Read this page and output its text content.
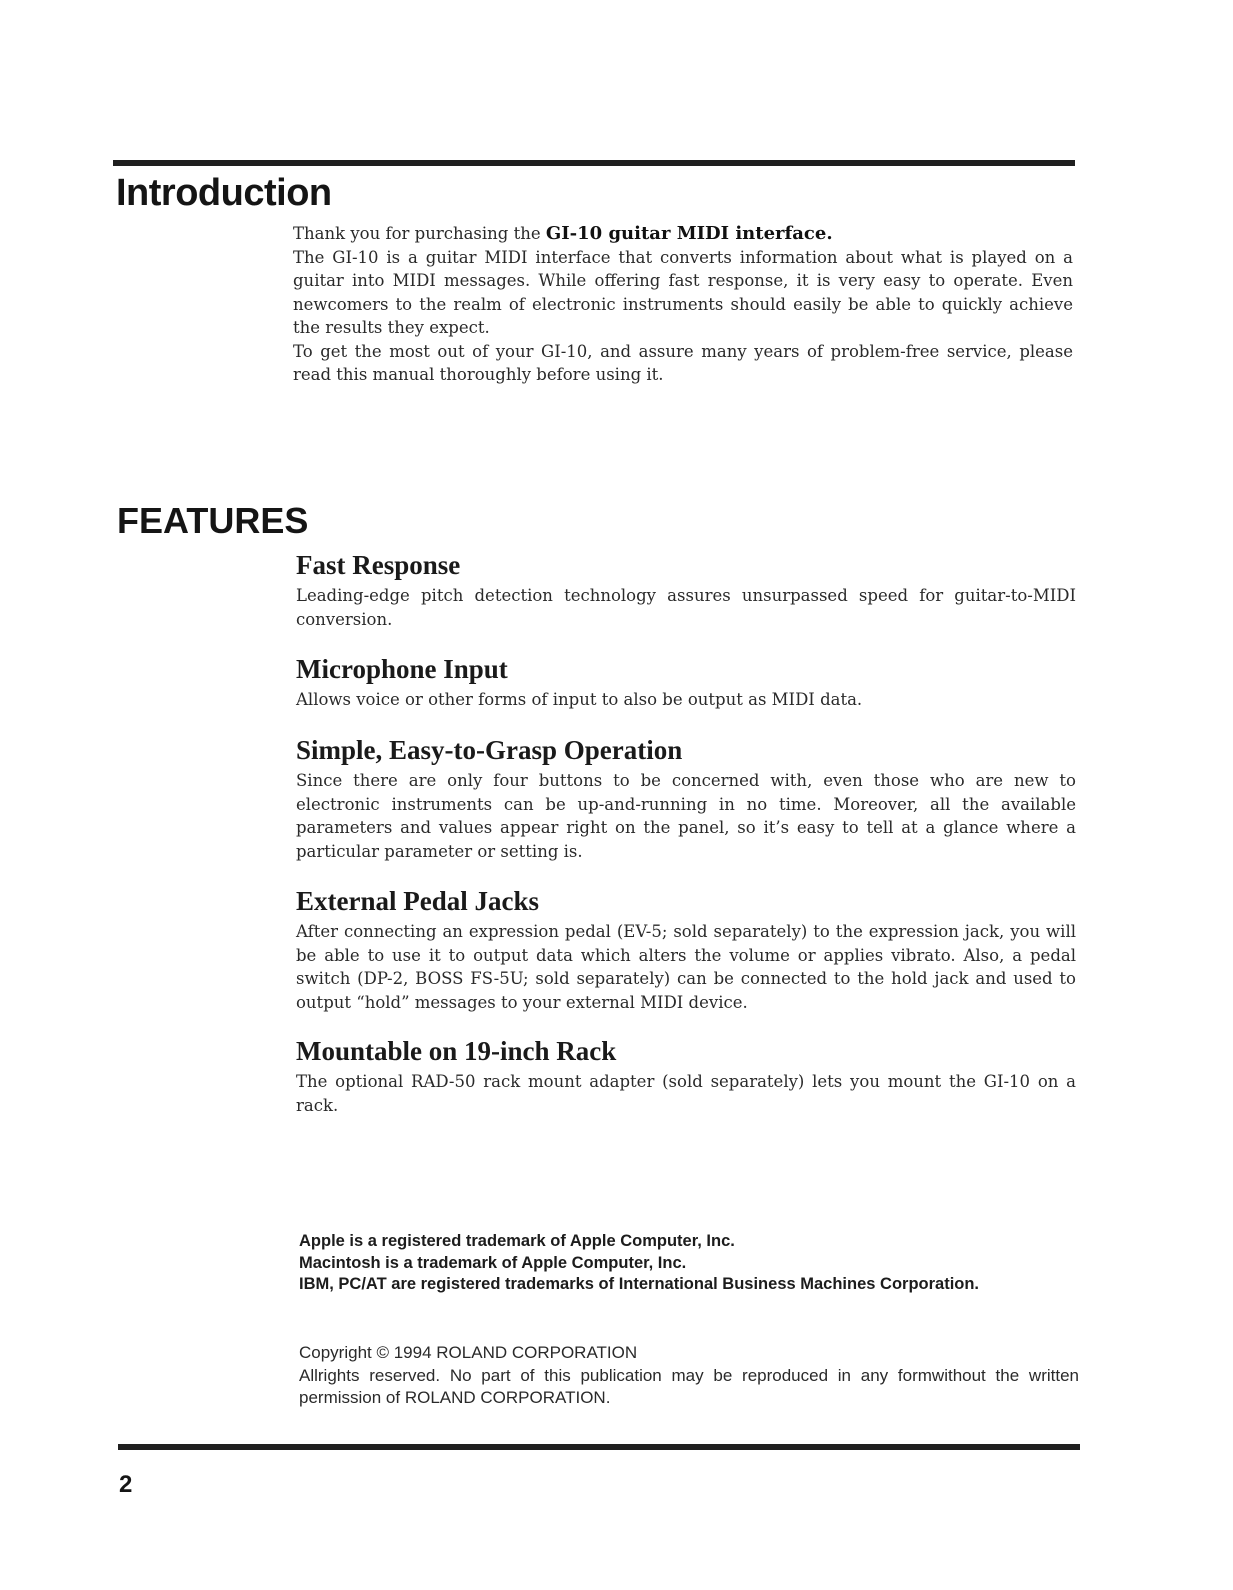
Introduction

Thank you for purchasing the GI-10 guitar MIDI interface.

The GI-10 is a guitar MIDI interface that converts information about what is played on a guitar into MIDI messages. While offering fast response, it is very easy to operate. Even newcomers to the realm of electronic instruments should easily be able to quickly achieve the results they expect.

To get the most out of your GI-10, and assure many years of problem-free service, please read this manual thoroughly before using it.

FEATURES
Fast Response

Leading-edge pitch detection technology assures unsurpassed speed for guitar-to-MIDI conversion.

Microphone Input

Allows voice or other forms of input to also be output as MIDI data.

Simple, Easy-to-Grasp Operation

Since there are only four buttons to be concerned with, even those who are new to electronic instruments can be up-and-running in no time. Moreover, all the available parameters and values appear right on the panel, so it’s easy to tell at a glance where a particular parameter or setting is.

External Pedal Jacks

After connecting an expression pedal (EV-5; sold separately) to the expression jack, you will be able to use it to output data which alters the volume or applies vibrato. Also, a pedal switch (DP-2, BOSS FS-5U; sold separately) can be connected to the hold jack and used to output “hold” messages to your external MIDI device.

Mountable on 19-inch Rack

The optional RAD-50 rack mount adapter (sold separately) lets you mount the GI-10 on a rack.

Apple is a registered trademark of Apple Computer, Inc.
Macintosh is a trademark of Apple Computer, Inc.
IBM, PC/AT are registered trademarks of International Business Machines Corporation.

Copyright © 1994 ROLAND CORPORATION

Allrights reserved. No part of this publication may be reproduced in any formwithout the written permission of ROLAND CORPORATION.

2
